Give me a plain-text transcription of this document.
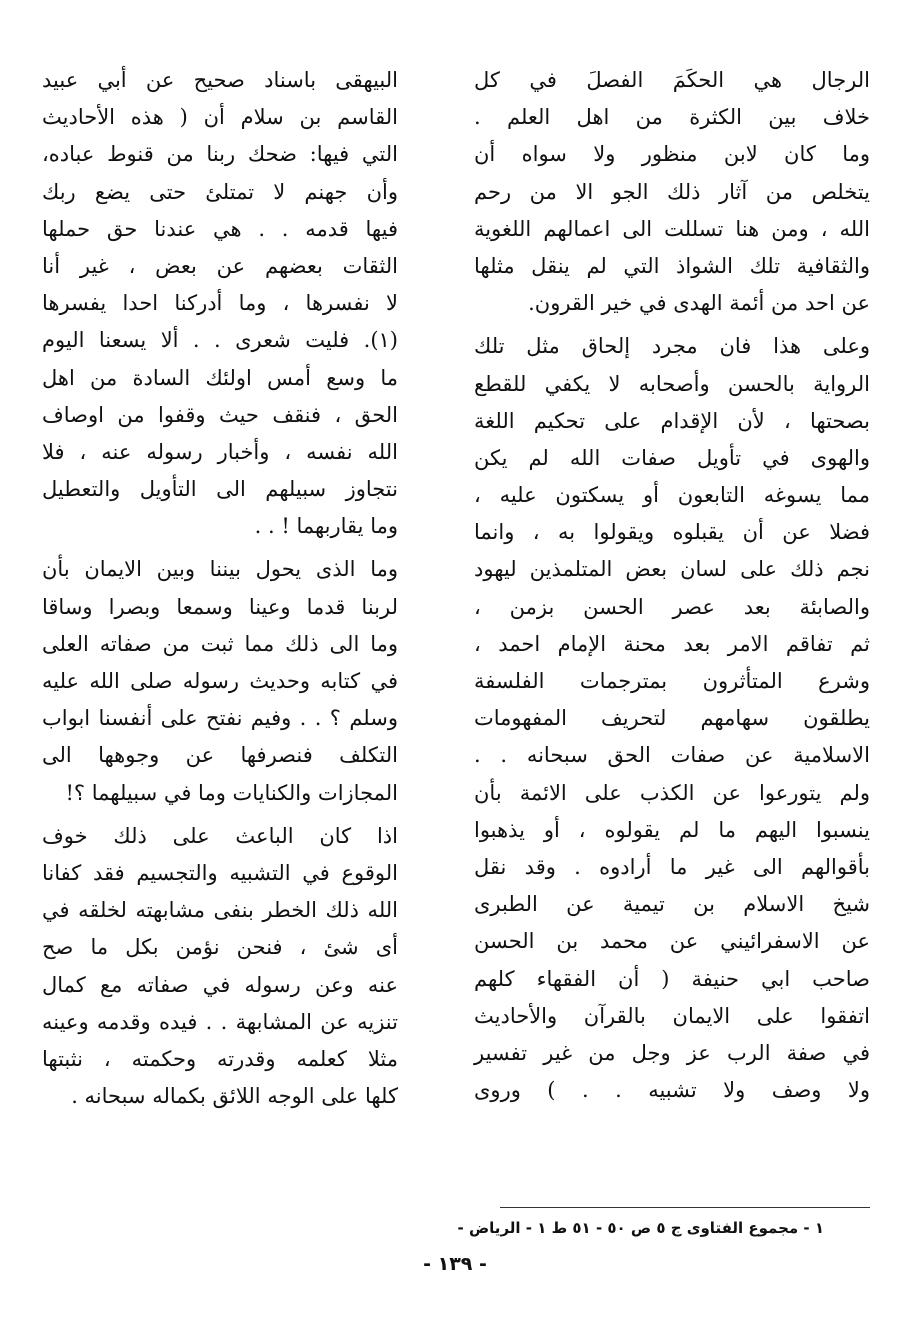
الرجال هي الحكَمَ الفصلَ في كل
خلاف بين الكثرة من اهل العلم .
وما كان لابن منظور ولا سواه أن
يتخلص من آثار ذلك الجو الا من رحم
الله ، ومن هنا تسللت الى اعمالهم اللغوية
والثقافية تلك الشواذ التي لم ينقل مثلها
عن احد من أئمة الهدى في خير القرون.
وعلى هذا فان مجرد إلحاق مثل تلك
الرواية بالحسن وأصحابه لا يكفي للقطع
بصحتها ، لأن الإقدام على تحكيم اللغة
والهوى في تأويل صفات الله لم يكن
مما يسوغه التابعون أو يسكتون عليه ،
فضلا عن أن يقبلوه ويقولوا به ، وانما
نجم ذلك على لسان بعض المتلمذين ليهود
والصابئة بعد عصر الحسن بزمن ،
ثم تفاقم الامر بعد محنة الإمام احمد ،
وشرع المتأثرون بمترجمات الفلسفة
يطلقون سهامهم لتحريف المفهومات
الاسلامية عن صفات الحق سبحانه . .
ولم يتورعوا عن الكذب على الائمة بأن
ينسبوا اليهم ما لم يقولوه ، أو يذهبوا
بأقوالهم الى غير ما أرادوه . وقد نقل
شيخ الاسلام بن تيمية عن الطبرى
عن الاسفرائيني عن محمد بن الحسن
صاحب ابي حنيفة ( أن الفقهاء كلهم
اتفقوا على الايمان بالقرآن والأحاديث
في صفة الرب عز وجل من غير تفسير
ولا وصف ولا تشبيه . . ) وروى
البيهقى باسناد صحيح عن أبي عبيد
القاسم بن سلام أن ( هذه الأحاديث
التي فيها: ضحك ربنا من قنوط عباده،
وأن جهنم لا تمتلئ حتى يضع ربك
فيها قدمه . . هي عندنا حق حملها
الثقات بعضهم عن بعض ، غير أنا
لا نفسرها ، وما أدركنا احدا يفسرها
(١). فليت شعرى . . ألا يسعنا اليوم
ما وسع أمس اولئك السادة من اهل
الحق ، فنقف حيث وقفوا من اوصاف
الله نفسه ، وأخبار رسوله عنه ، فلا
نتجاوز سبيلهم الى التأويل والتعطيل
وما يقاربهما ! . .
وما الذى يحول بيننا وبين الايمان بأن
لربنا قدما وعينا وسمعا وبصرا وساقا
وما الى ذلك مما ثبت من صفاته العلى
في كتابه وحديث رسوله صلى الله عليه
وسلم ؟ . . وفيم نفتح على أنفسنا ابواب
التكلف فنصرفها عن وجوهها الى
المجازات والكنايات وما في سبيلهما ؟!
اذا كان الباعث على ذلك خوف
الوقوع في التشبيه والتجسيم فقد كفانا
الله ذلك الخطر بنفى مشابهته لخلقه في
أى شئ ، فنحن نؤمن بكل ما صح
عنه وعن رسوله في صفاته مع كمال
تنزيه عن المشابهة . . فيده وقدمه وعينه
مثلا كعلمه وقدرته وحكمته ، نثبتها
كلها على الوجه اللائق بكماله سبحانه .
١ - مجموع الفتاوى ج ٥ ص ٥٠ - ٥١ ط ١ - الرياض -
- ١٣٩ -
